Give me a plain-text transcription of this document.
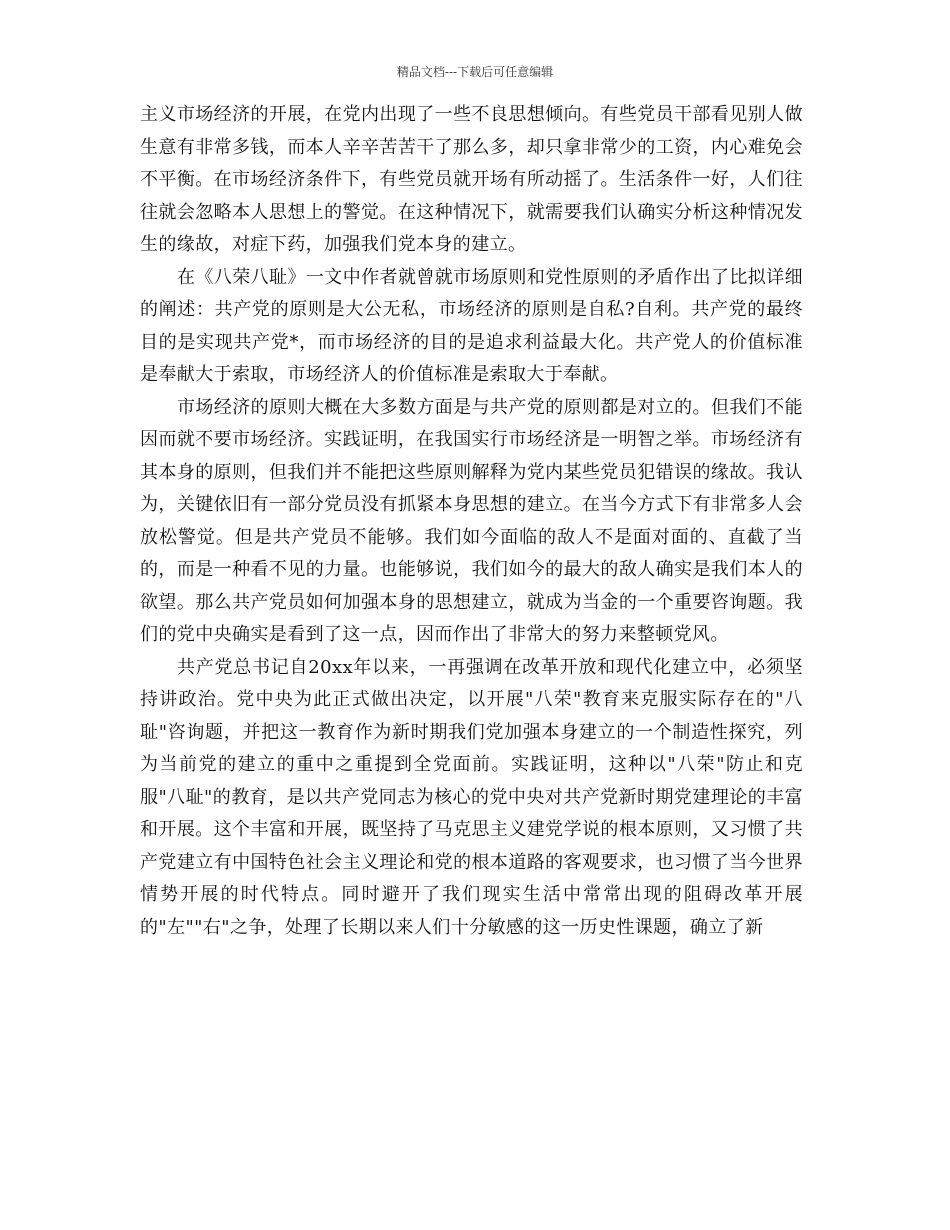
精品文档---下载后可任意编辑

主义市场经济的开展，在党内出现了一些不良思想倾向。有些党员干部看见别人做生意有非常多钱，而本人辛辛苦苦干了那么多，却只拿非常少的工资，内心难免会不平衡。在市场经济条件下，有些党员就开场有所动摇了。生活条件一好，人们往往就会忽略本人思想上的警觉。在这种情况下，就需要我们认确实分析这种情况发生的缘故，对症下药，加强我们党本身的建立。

在《八荣八耻》一文中作者就曾就市场原则和党性原则的矛盾作出了比拟详细的阐述：共产党的原则是大公无私，市场经济的原则是自私?自利。共产党的最终目的是实现共产党*，而市场经济的目的是追求利益最大化。共产党人的价值标准是奉献大于索取，市场经济人的价值标准是索取大于奉献。

市场经济的原则大概在大多数方面是与共产党的原则都是对立的。但我们不能因而就不要市场经济。实践证明，在我国实行市场经济是一明智之举。市场经济有其本身的原则，但我们并不能把这些原则解释为党内某些党员犯错误的缘故。我认为，关键依旧有一部分党员没有抓紧本身思想的建立。在当今方式下有非常多人会放松警觉。但是共产党员不能够。我们如今面临的敌人不是面对面的、直截了当的，而是一种看不见的力量。也能够说，我们如今的最大的敌人确实是我们本人的欲望。那么共产党员如何加强本身的思想建立，就成为当金的一个重要咨询题。我们的党中央确实是看到了这一点，因而作出了非常大的努力来整顿党风。

共产党总书记自20xx年以来，一再强调在改革开放和现代化建立中，必须坚持讲政治。党中央为此正式做出决定，以开展"八荣"教育来克服实际存在的"八耻"咨询题，并把这一教育作为新时期我们党加强本身建立的一个制造性探究，列为当前党的建立的重中之重提到全党面前。实践证明，这种以"八荣"防止和克服"八耻"的教育，是以共产党同志为核心的党中央对共产党新时期党建理论的丰富和开展。这个丰富和开展，既坚持了马克思主义建党学说的根本原则，又习惯了共产党建立有中国特色社会主义理论和党的根本道路的客观要求，也习惯了当今世界情势开展的时代特点。同时避开了我们现实生活中常常出现的阻碍改革开展的"左""右"之争，处理了长期以来人们十分敏感的这一历史性课题，确立了新
